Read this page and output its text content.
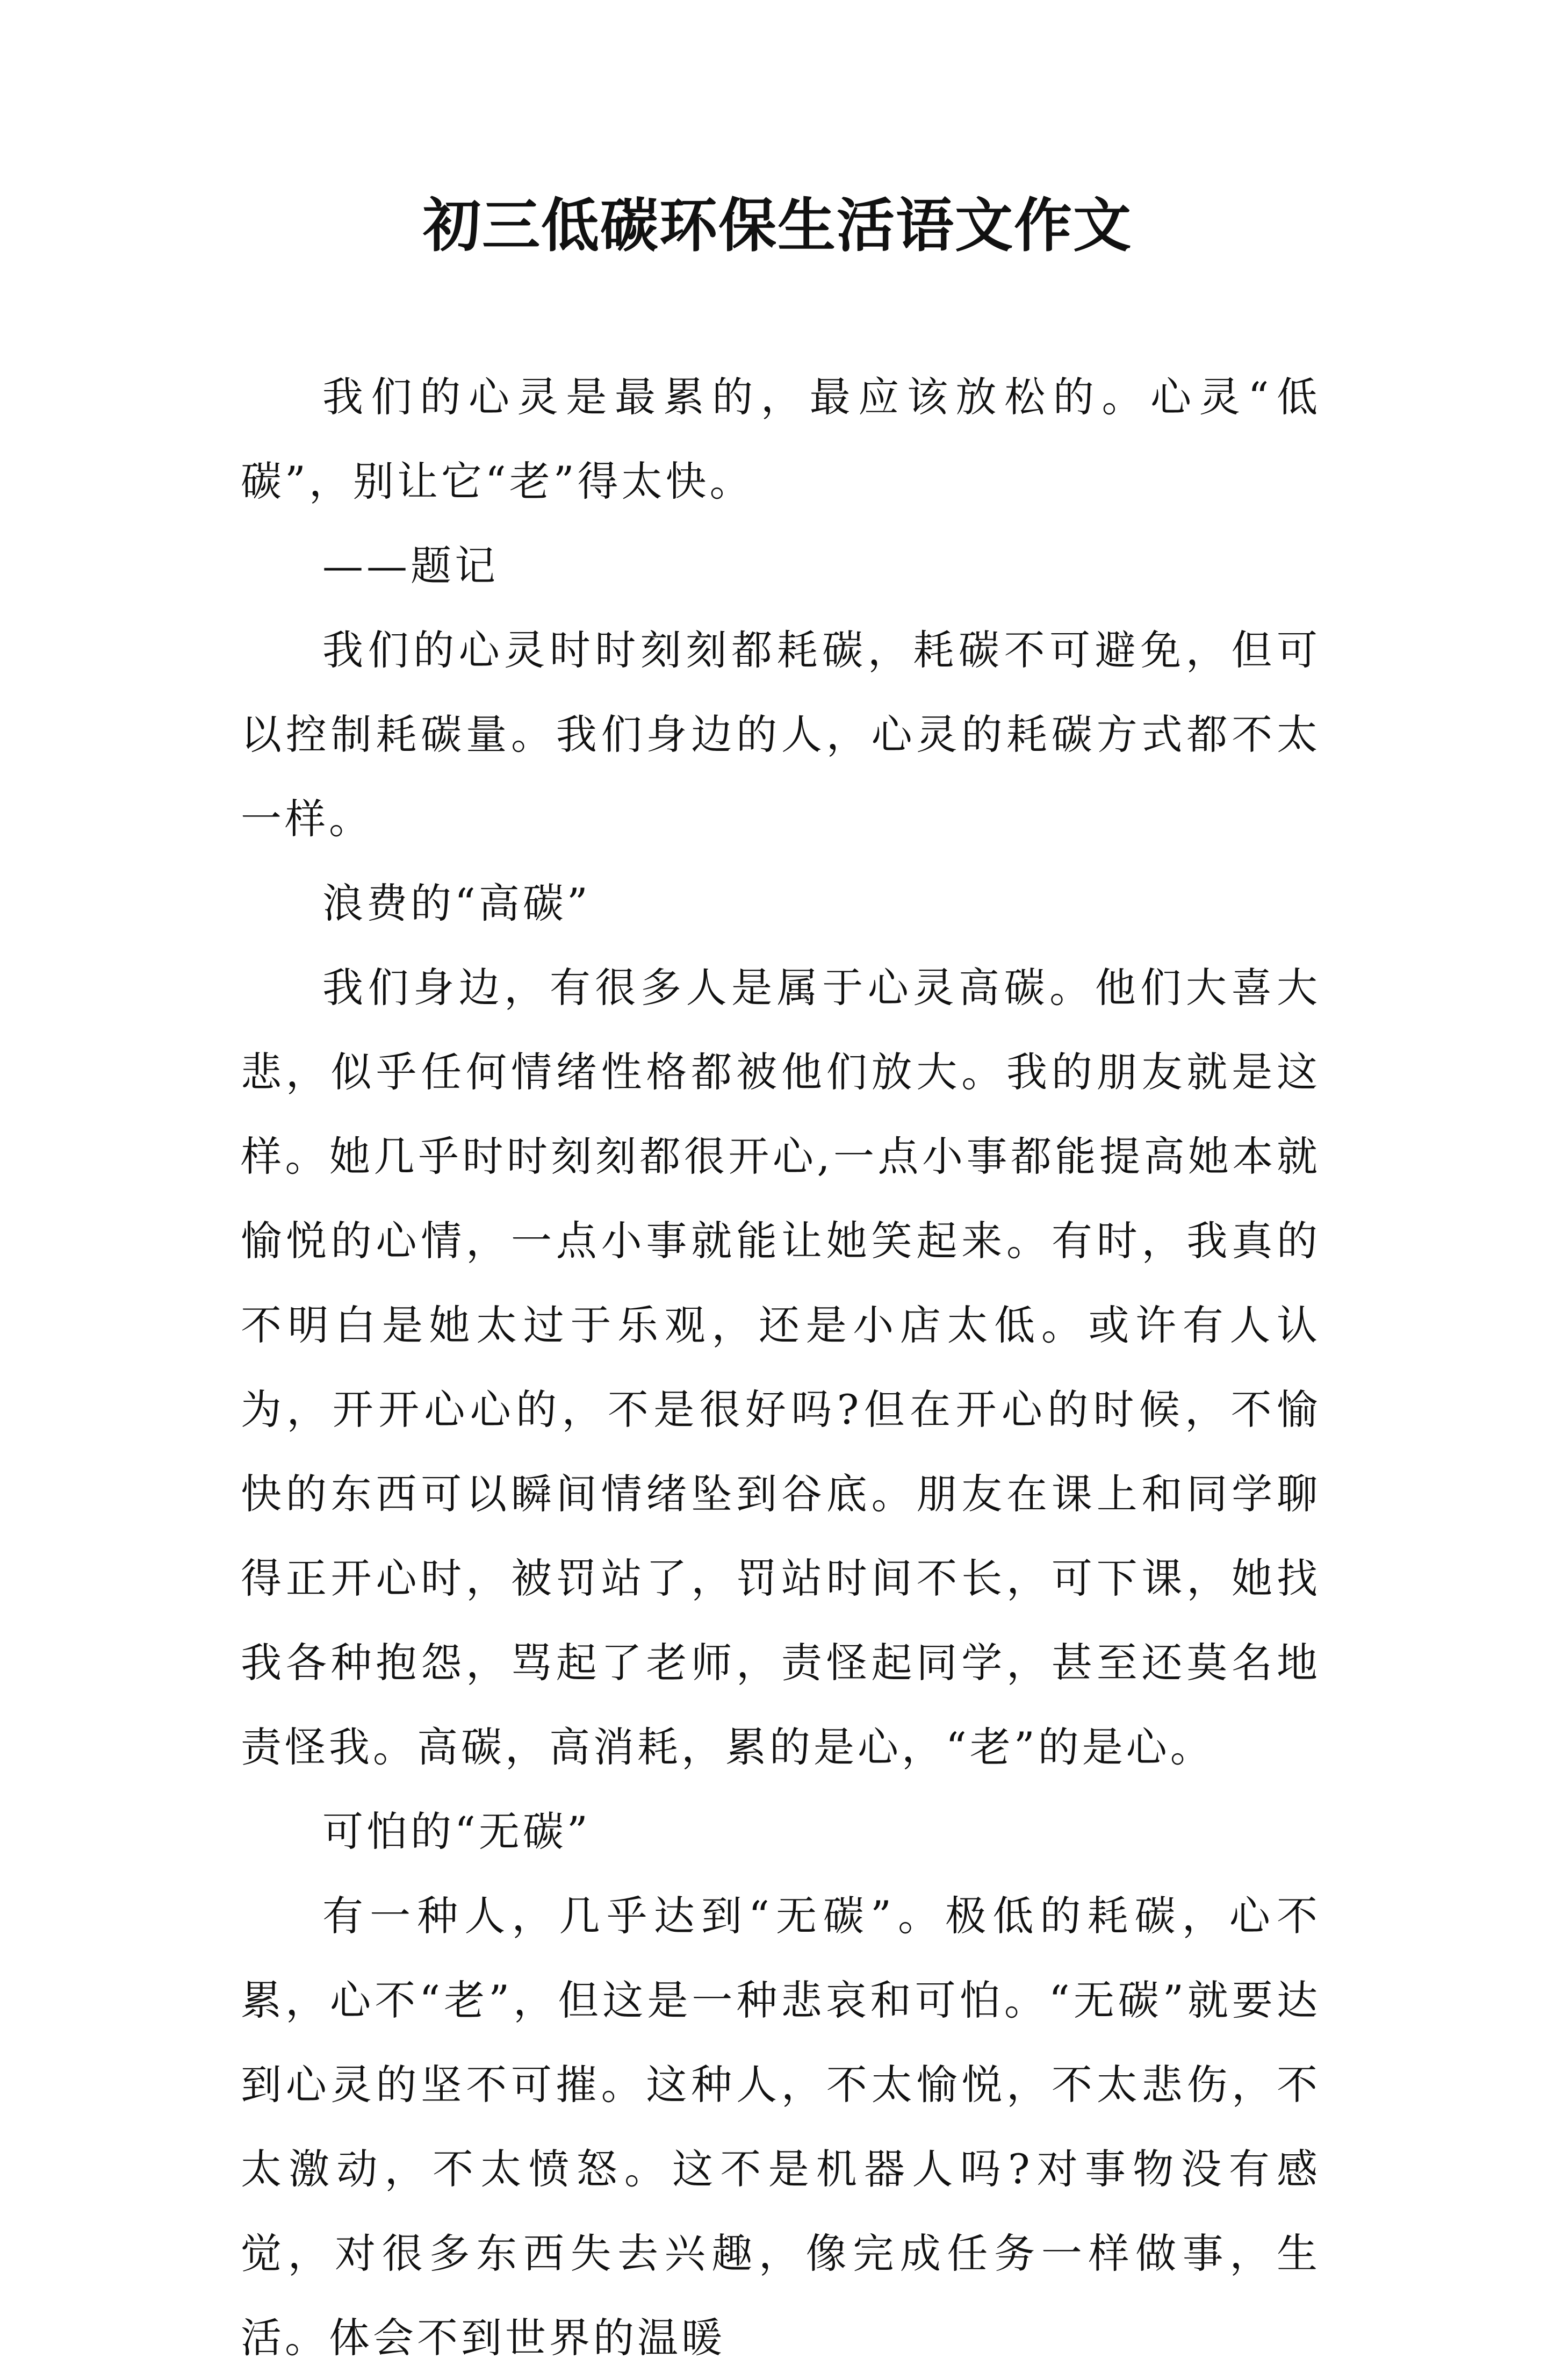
初三低碳环保生活语文作文

我们的心灵是最累的，最应该放松的。心灵“低碳”，别让它“老”得太快。

——题记

我们的心灵时时刻刻都耗碳，耗碳不可避免，但可以控制耗碳量。我们身边的人，心灵的耗碳方式都不太一样。

浪费的“高碳”

我们身边，有很多人是属于心灵高碳。他们大喜大悲，似乎任何情绪性格都被他们放大。我的朋友就是这样。她几乎时时刻刻都很开心,一点小事都能提高她本就愉悦的心情，一点小事就能让她笑起来。有时，我真的不明白是她太过于乐观，还是小店太低。或许有人认为，开开心心的，不是很好吗?但在开心的时候，不愉快的东西可以瞬间情绪坠到谷底。朋友在课上和同学聊得正开心时，被罚站了，罚站时间不长，可下课，她找我各种抱怨，骂起了老师，责怪起同学，甚至还莫名地责怪我。高碳，高消耗，累的是心，“老”的是心。

可怕的“无碳”

有一种人，几乎达到“无碳”。极低的耗碳，心不累，心不“老”，但这是一种悲哀和可怕。“无碳”就要达到心灵的坚不可摧。这种人，不太愉悦，不太悲伤，不太激动，不太愤怒。这不是机器人吗?对事物没有感觉，对很多东西失去兴趣，像完成任务一样做事，生活。体会不到世界的温暖
